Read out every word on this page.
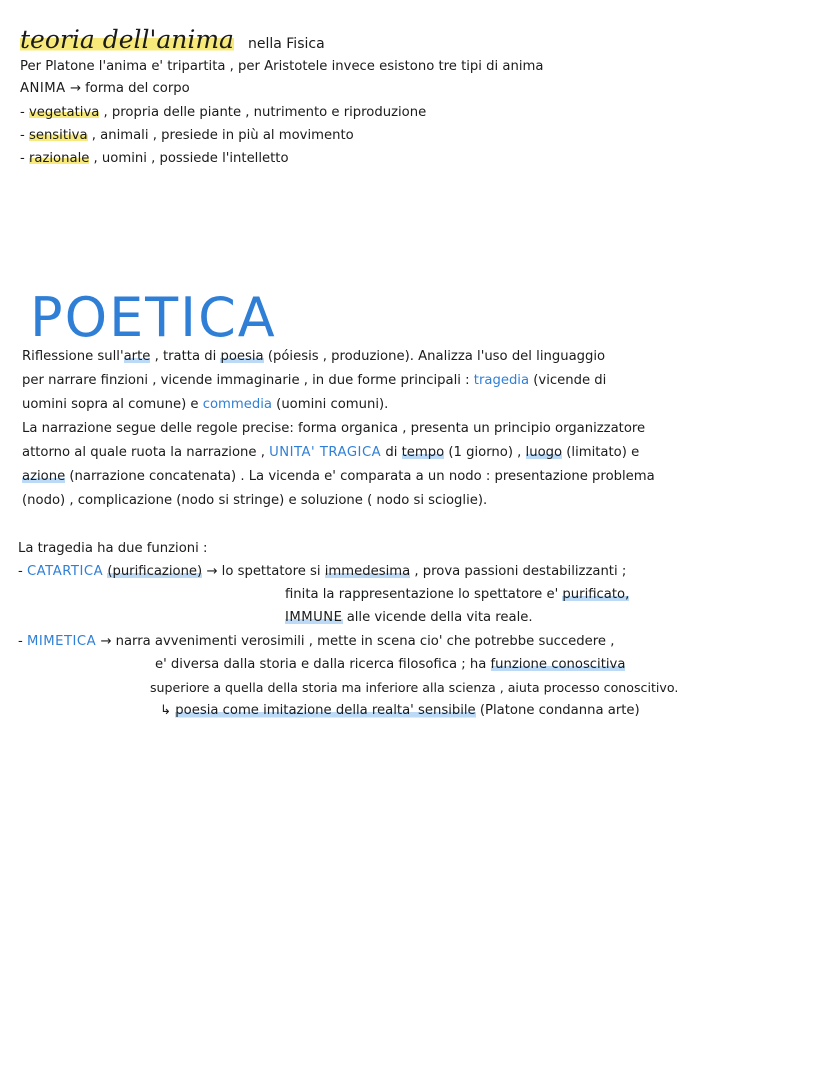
teoria dell'anima nella Fisica
Per Platone l'anima e' tripartita , per Aristotele invece esistono tre tipi di anima
ANIMA → forma del corpo
- vegetativa , propria delle piante , nutrimento e riproduzione
- sensitiva , animali , presiede in più al movimento
- razionale , uomini , possiede l'intelletto
POETICA
Riflessione sull'arte , tratta di poesia (póiesis , produzione). Analizza l'uso del linguaggio
per narrare finzioni , vicende immaginarie , in due forme principali : tragedia (vicende di
uomini sopra al comune) e commedia (uomini comuni).
La narrazione segue delle regole precise: forma organica , presenta un principio organizzatore
attorno al quale ruota la narrazione , UNITA' TRAGICA di tempo (1 giorno) , luogo (limitato) e
azione (narrazione concatenata) . La vicenda e' comparata a un nodo : presentazione problema
(nodo) , complicazione (nodo si stringe) e soluzione ( nodo si scioglie).
La tragedia ha due funzioni :
- CATARTICA (purificazione) → lo spettatore si immedesima , prova passioni destabilizzanti ;
finita la rappresentazione lo spettatore e' purificato,
IMMUNE alle vicende della vita reale.
- MIMETICA → narra avvenimenti verosimili , mette in scena cio' che potrebbe succedere ,
e' diversa dalla storia e dalla ricerca filosofica ; ha funzione conoscitiva
superiore a quella della storia ma inferiore alla scienza , aiuta processo conoscitivo.
↳ poesia come imitazione della realta' sensibile (Platone condanna arte)
